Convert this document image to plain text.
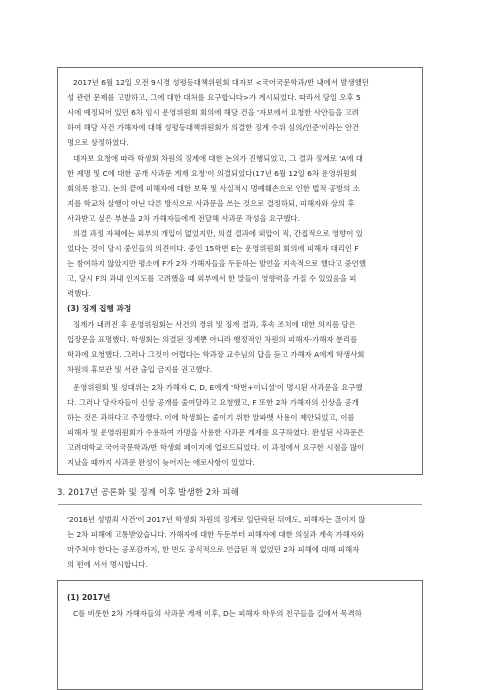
2017년 6월 12일 오전 9시경 성평등대책위원회 대자보 <국어국문학과/반 내에서 발생했던
성 관련 문제를 고발하고, 그에 대한 대처를 요구합니다>가 게시되었다. 따라서 당일 오후 5
시에 예정되어 있던 6차 임시 운영위원회 회의에 해당 건을 '자보에서 요청한 사안들을 고려
하여 해당 사건 가해자에 대해 성평등대책위원회가 의결한 징계 수위 심의/인준'이라는 안건
명으로 상정하였다.

대자보 요청에 따라 학생회 차원의 징계에 대한 논의가 진행되었고, 그 결과 징계로 'A에 대
한 제명 및 C에 대한 공개 사과문 게재 요청'이 의결되었다(17년 6월 12일 6차 운영위원회
회의록 참고). 논의 끝에 피해자에 대한 보복 및 사실적시 명예훼손으로 인한 법적 공방의 소
지를 학교차 살행이 아닌 다른 방식으로 사과문을 쓰는 것으로 결정하되, 피해자와 상의 후
사과받고 싶은 부분을 2차 가해자들에게 전달해 사과문 작성을 요구했다.

의결 과정 자체에는 외부의 개입이 없었지만, 의결 결과에 외압이 직, 간접적으로 영향이 있
었다는 것이 당시 중인들의 의견이다. 중인 15학번 E는 운영위원회 회의에 피해자 대리인 F
는 참여하지 않았지만 평소에 F가 2차 가해자들을 두둔하는 발언을 지속적으로 했다고 중언했
고, 당시 F의 과내 인지도를 고려했을 때 외부에서 한 말들이 영향력을 가질 수 있었음을 피
력했다.

(3) 징계 집행 과정

징계가 내려진 후 운영위원회는 사건의 경위 및 징계 결과, 후속 조치에 대한 의지를 담은
입장문을 표명했다. 학생회는 의결된 징계뿐 아니라 행정적인 차원의 피해자-가해자 분리를
학과에 요청했다. 그러나 그것이 어렵다는 학과장 교수님의 답을 듣고 가해자 A에게 학생사회
차원의 휴보관 및 서관 출입 금지를 권고했다.

운영위원회 및 성대위는 2차 가해자 C, D, E에게 '학번+이니셜'이 명시된 사과문을 요구했
다. 그러나 당사자들이 신상 공개를 줄여달라고 요청했고, F 또한 2차 가해자의 신상을 공개
하는 것은 과하다고 주장했다. 이에 학생회는 줄이기 위한 알파벳 사용이 제안되었고, 이를
피해자 및 운영위원회가 수용하여 가명을 사용한 사과문 게재를 요구하였다. 완성된 사과문은
고려대학교 국어국문학과/반 학생회 페이지에 업로드되었다. 이 과정에서 요구한 시점을 많이
지났을 때까지 사과문 완성이 늦어지는 애로사항이 있었다.

3. 2017년 공론화 및 징계 이후 발생한 2차 피해
'2016년 성범죄 사건'이 2017년 학생회 차원의 징계로 일단락된 뒤에도, 피해자는 끊이지 않
는 2차 피해에 고통받았습니다. 가해자에 대한 두둔부터 피해자에 대한 의심과 계속 가해자와
마주쳐야 한다는 공포감까지, 한 번도 공식적으로 언급된 적 없었던 2차 피해에 대해 피해자
의 편에 서서 명시합니다.
(1) 2017년
C를 비롯한 2차 가해자들의 사과문 게재 이후, D는 피해자 학우의 친구들을 길에서 목격하
